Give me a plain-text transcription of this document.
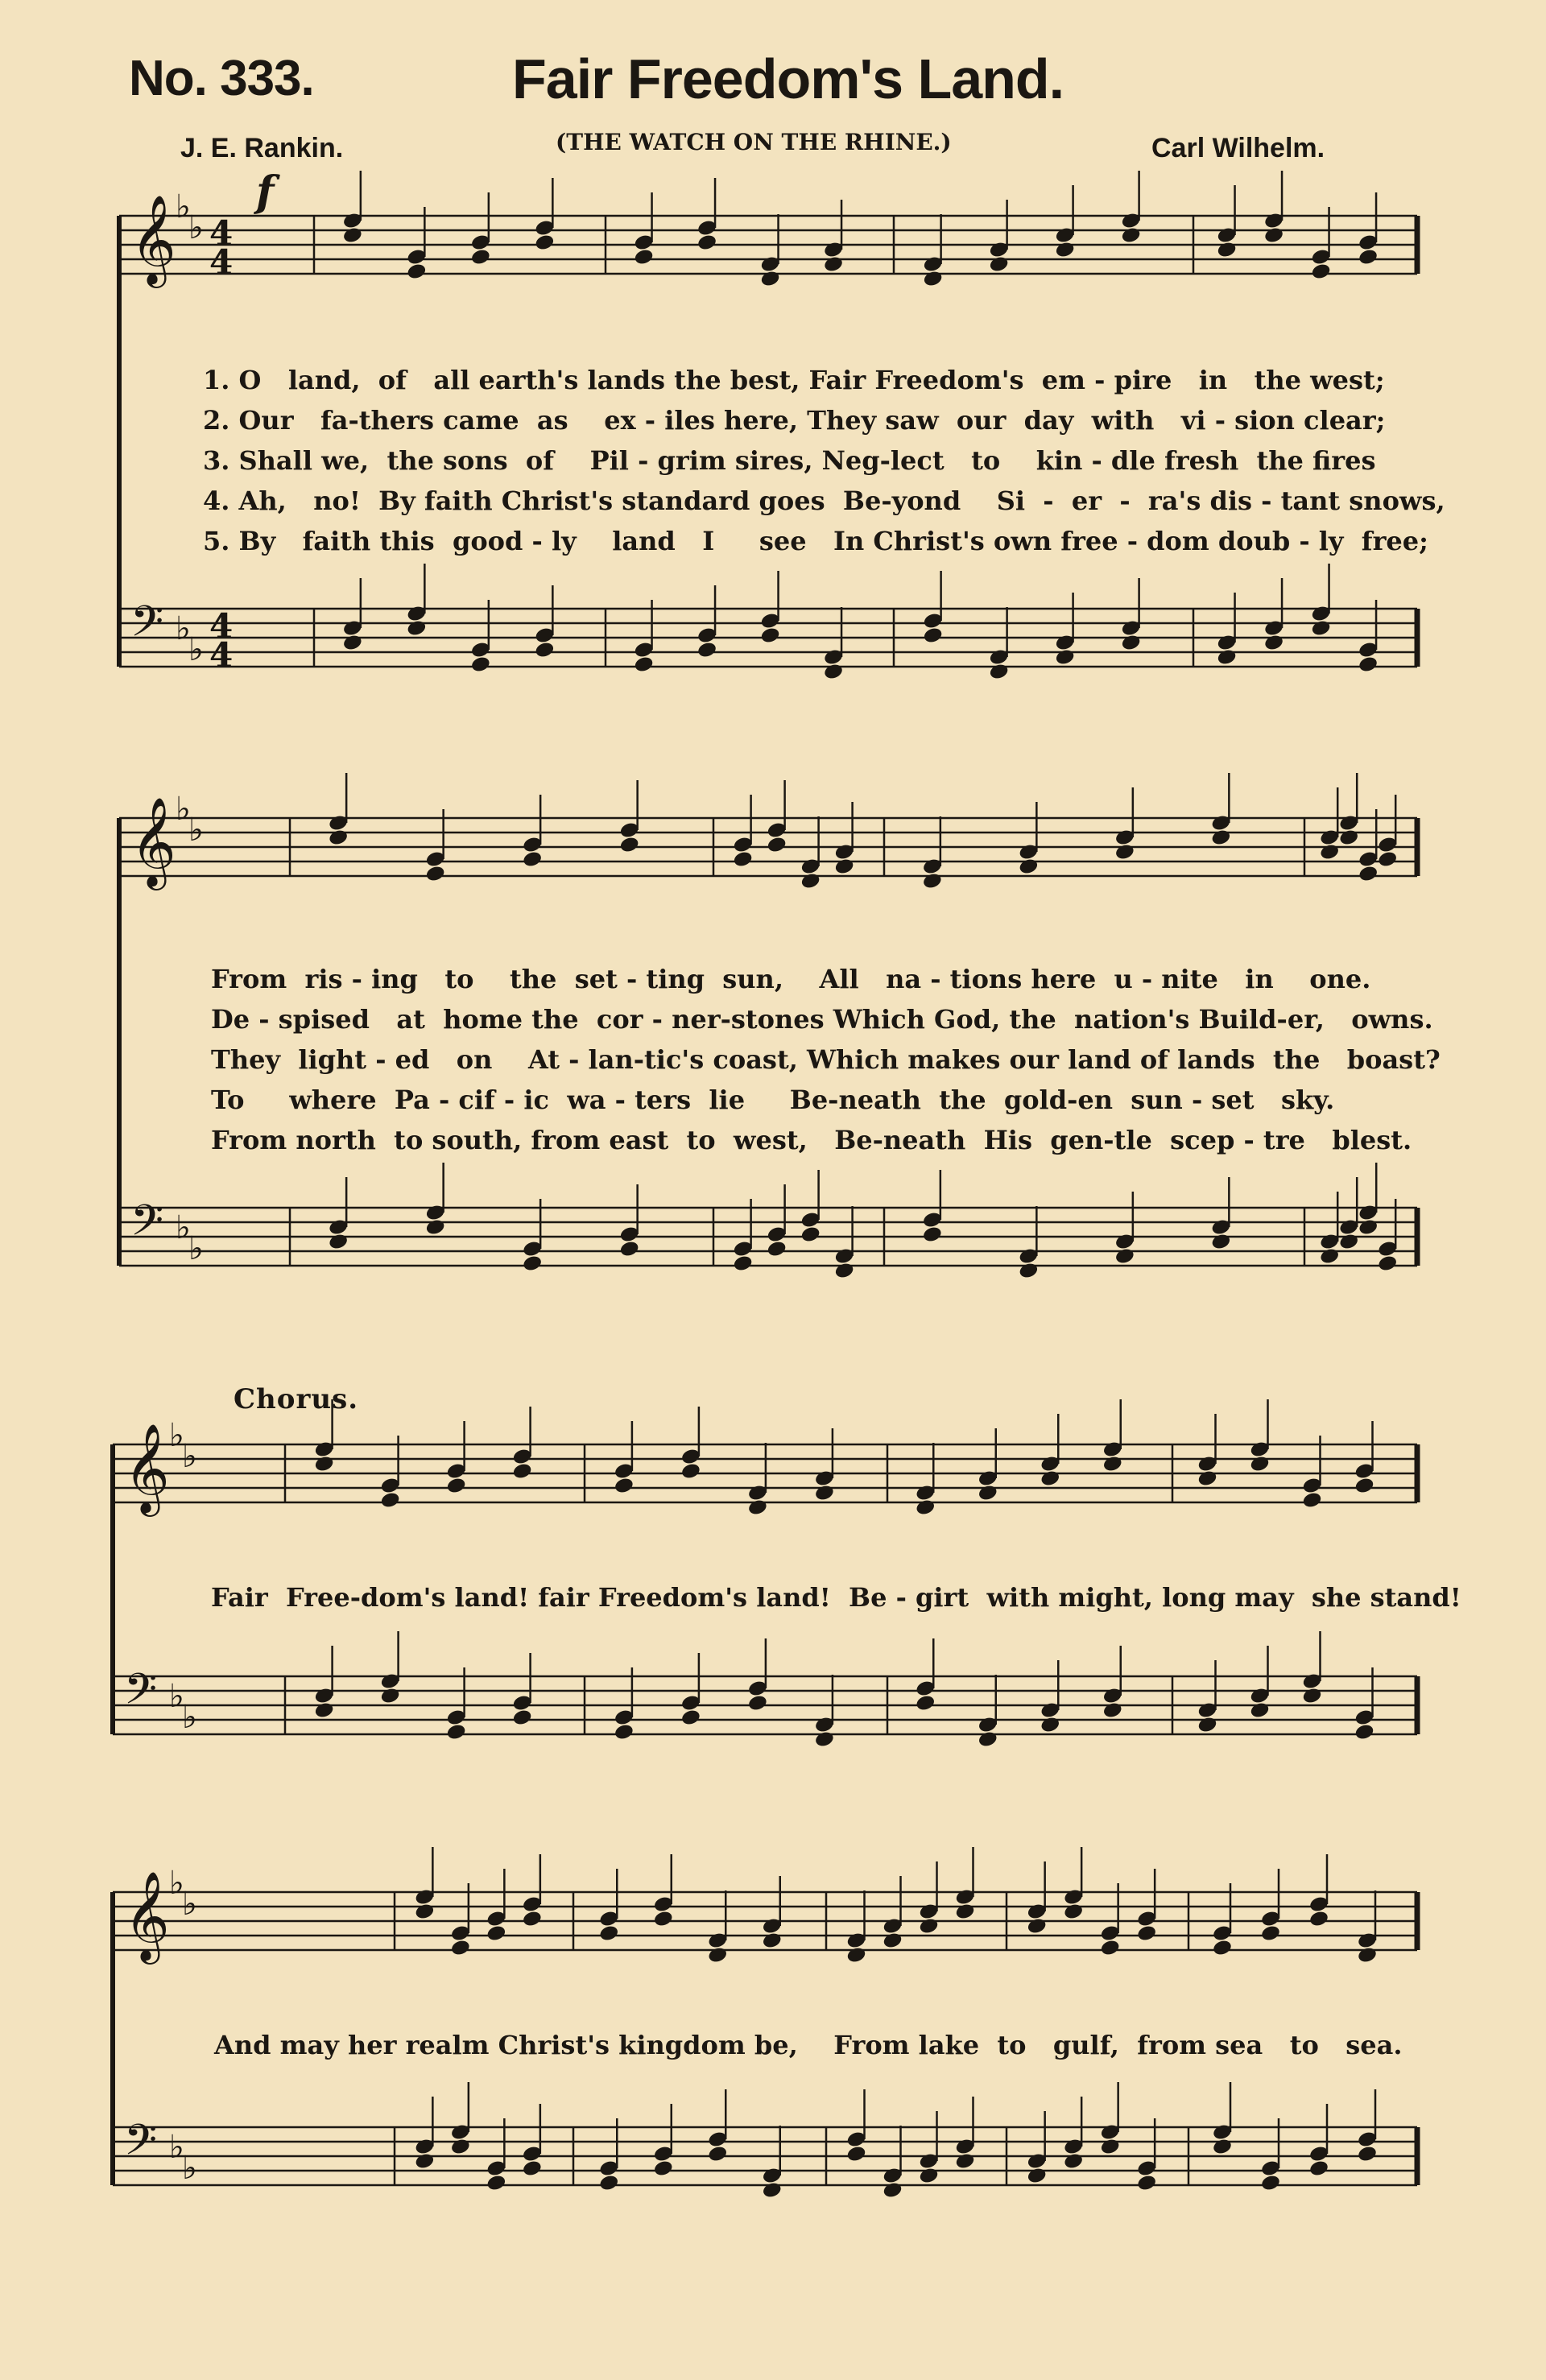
No. 333.	Fair Freedom's Land.
J. E. Rankin.	(THE WATCH ON THE RHINE.)	Carl Wilhelm.
f
1. O   land,  of   all earth's lands the best, Fair Freedom's  em - pire   in   the west;
2. Our   fa-thers came  as    ex - iles here, They saw  our  day  with   vi - sion clear;
3. Shall we,  the sons  of    Pil - grim sires, Neg-lect   to    kin - dle fresh  the fires
4. Ah,   no!  By faith Christ's standard goes  Be-yond    Si  -  er  -  ra's dis - tant snows,
5. By   faith this  good - ly    land   I     see   In Christ's own free - dom doub - ly  free;
From  ris - ing   to    the  set - ting  sun,    All   na - tions here  u - nite   in    one.
De - spised   at  home the  cor - ner-stones Which God, the  nation's Build-er,   owns.
They  light - ed   on    At - lan-tic's coast, Which makes our land of lands  the   boast?
To     where  Pa - cif - ic  wa - ters  lie     Be-neath  the  gold-en  sun - set   sky.
From north  to south, from east  to  west,   Be-neath  His  gen-tle  scep - tre   blest.
Chorus.
Fair  Free-dom's land! fair Freedom's land!  Be - girt  with might, long may  she stand!
And may her realm Christ's kingdom be,    From lake  to   gulf,  from sea   to   sea.
𝄞 ♭
♭ 4
4
𝄢 ♭
♭
4
4
𝄞 ♭
♭
𝄢 ♭
♭
𝄞 ♭
♭
𝄢 ♭
♭
𝄞 ♭
♭
𝄢 ♭
♭
